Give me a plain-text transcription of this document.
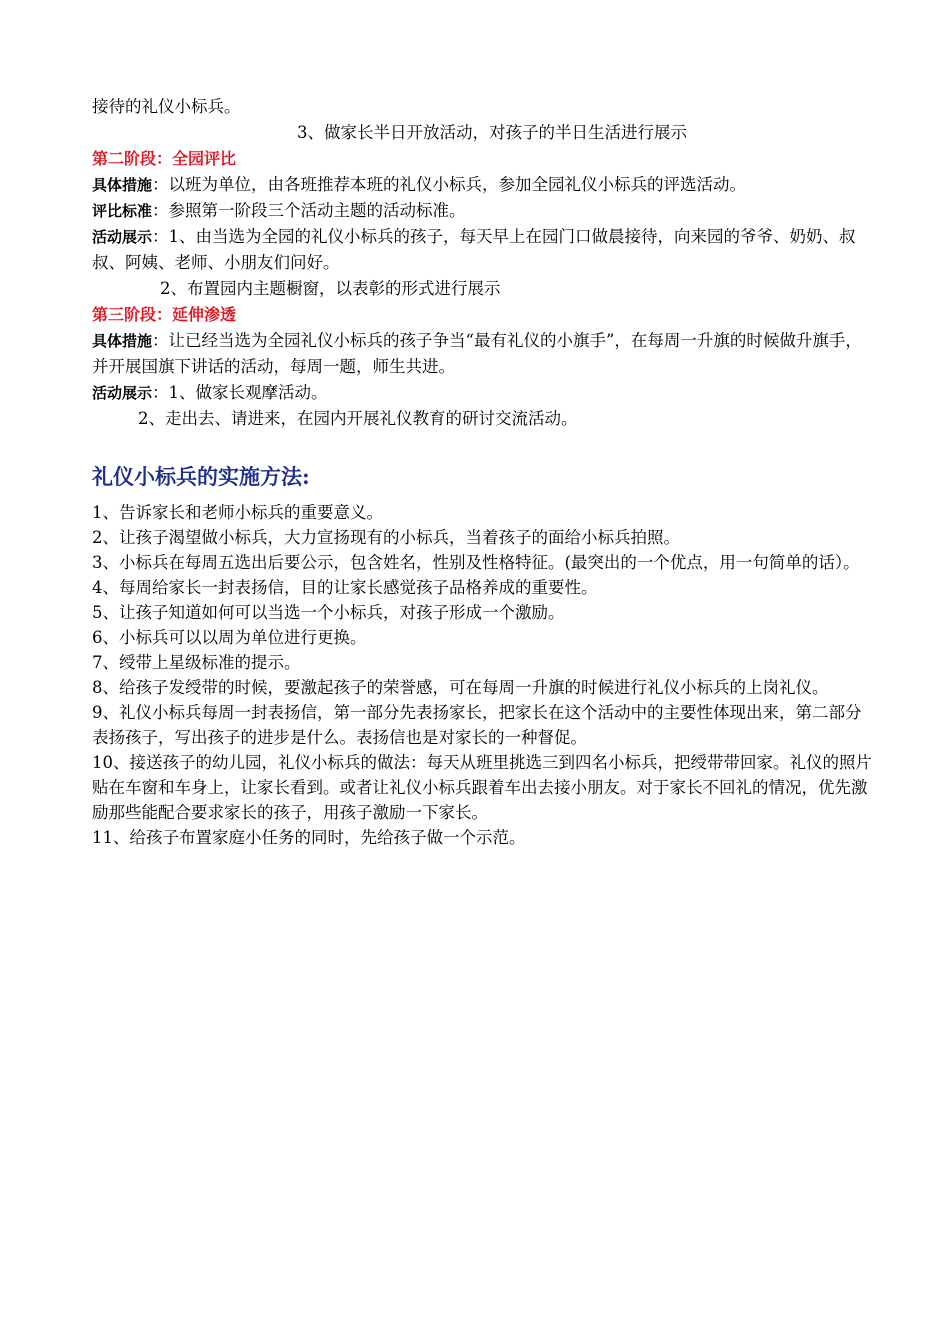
接待的礼仪小标兵。
3、做家长半日开放活动，对孩子的半日生活进行展示
第二阶段：全园评比
具体措施：以班为单位，由各班推荐本班的礼仪小标兵，参加全园礼仪小标兵的评选活动。
评比标准：参照第一阶段三个活动主题的活动标准。
活动展示：1、由当选为全园的礼仪小标兵的孩子，每天早上在园门口做晨接待，向来园的爷爷、奶奶、叔叔、阿姨、老师、小朋友们问好。
2、布置园内主题橱窗，以表彰的形式进行展示
第三阶段：延伸渗透
具体措施：让已经当选为全园礼仪小标兵的孩子争当“最有礼仪的小旗手”，在每周一升旗的时候做升旗手，并开展国旗下讲话的活动，每周一题，师生共进。
活动展示：1、做家长观摩活动。
2、走出去、请进来，在园内开展礼仪教育的研讨交流活动。
礼仪小标兵的实施方法:
1、告诉家长和老师小标兵的重要意义。
2、让孩子渴望做小标兵，大力宣扬现有的小标兵，当着孩子的面给小标兵拍照。
3、小标兵在每周五选出后要公示，包含姓名，性别及性格特征。(最突出的一个优点，用一句简单的话）。
4、每周给家长一封表扬信，目的让家长感觉孩子品格养成的重要性。
5、让孩子知道如何可以当选一个小标兵，对孩子形成一个激励。
6、小标兵可以以周为单位进行更换。
7、绶带上星级标准的提示。
8、给孩子发绶带的时候，要激起孩子的荣誉感，可在每周一升旗的时候进行礼仪小标兵的上岗礼仪。
9、礼仪小标兵每周一封表扬信，第一部分先表扬家长，把家长在这个活动中的主要性体现出来，第二部分表扬孩子，写出孩子的进步是什么。表扬信也是对家长的一种督促。
10、接送孩子的幼儿园，礼仪小标兵的做法：每天从班里挑选三到四名小标兵，把绶带带回家。礼仪的照片贴在车窗和车身上，让家长看到。或者让礼仪小标兵跟着车出去接小朋友。对于家长不回礼的情况，优先激励那些能配合要求家长的孩子，用孩子激励一下家长。
11、给孩子布置家庭小任务的同时，先给孩子做一个示范。
